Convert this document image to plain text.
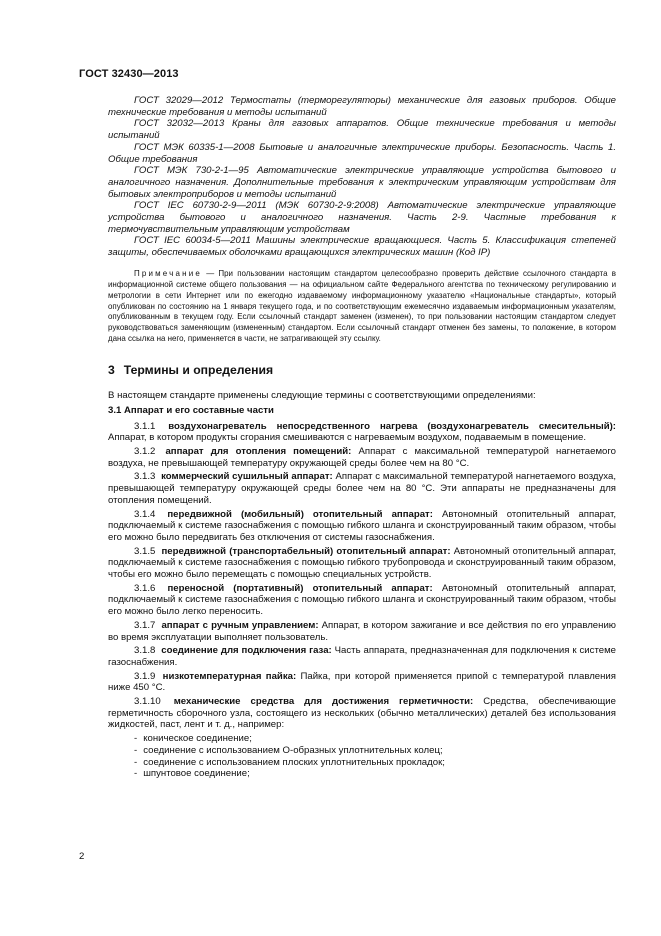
ГОСТ 32430—2013

ГОСТ 32029—2012 Термостаты (терморегуляторы) механические для газовых приборов. Общие технические требования и методы испытаний

ГОСТ 32032—2013 Краны для газовых аппаратов. Общие технические требования и методы испытаний

ГОСТ МЭК 60335-1—2008 Бытовые и аналогичные электрические приборы. Безопасность. Часть 1. Общие требования

ГОСТ МЭК 730-2-1—95 Автоматические электрические управляющие устройства бытового и аналогичного назначения. Дополнительные требования к электрическим управляющим устройствам для бытовых электроприборов и методы испытаний

ГОСТ IEC 60730-2-9—2011 (МЭК 60730-2-9:2008) Автоматические электрические управляющие устройства бытового и аналогичного назначения. Часть 2-9. Частные требования к термочувствительным управляющим устройствам

ГОСТ IEC 60034-5—2011 Машины электрические вращающиеся. Часть 5. Классификация степеней защиты, обеспечиваемых оболочками вращающихся электрических машин (Код IP)

Примечание — При пользовании настоящим стандартом целесообразно проверить действие ссылочного стандарта в информационной системе общего пользования — на официальном сайте Федерального агентства по техническому регулированию и метрологии в сети Интернет или по ежегодно издаваемому информационному указателю «Национальные стандарты», который опубликован по состоянию на 1 января текущего года, и по соответствующим ежемесячно издаваемым информационным указателям, опубликованным в текущем году. Если ссылочный стандарт заменен (изменен), то при пользовании настоящим стандартом следует руководствоваться заменяющим (измененным) стандартом. Если ссылочный стандарт отменен без замены, то положение, в котором дана ссылка на него, применяется в части, не затрагивающей эту ссылку.
3 Термины и определения

В настоящем стандарте применены следующие термины с соответствующими определениями:

3.1 Аппарат и его составные части

3.1.1 воздухонагреватель непосредственного нагрева (воздухонагреватель смесительный): Аппарат, в котором продукты сгорания смешиваются с нагреваемым воздухом, подаваемым в помещение.

3.1.2 аппарат для отопления помещений: Аппарат с максимальной температурой нагнетаемого воздуха, не превышающей температуру окружающей среды более чем на 80 °С.

3.1.3 коммерческий сушильный аппарат: Аппарат с максимальной температурой нагнетаемого воздуха, превышающей температуру окружающей среды более чем на 80 °С. Эти аппараты не предназначены для отопления помещений.

3.1.4 передвижной (мобильный) отопительный аппарат: Автономный отопительный аппарат, подключаемый к системе газоснабжения с помощью гибкого шланга и сконструированный таким образом, чтобы его можно было передвигать без отключения от системы газоснабжения.

3.1.5 передвижной (транспортабельный) отопительный аппарат: Автономный отопительный аппарат, подключаемый к системе газоснабжения с помощью гибкого трубопровода и сконструированный таким образом, чтобы его можно было перемещать с помощью специальных устройств.

3.1.6 переносной (портативный) отопительный аппарат: Автономный отопительный аппарат, подключаемый к системе газоснабжения с помощью гибкого шланга и сконструированный таким образом, чтобы его можно было легко переносить.

3.1.7 аппарат с ручным управлением: Аппарат, в котором зажигание и все действия по его управлению во время эксплуатации выполняет пользователь.

3.1.8 соединение для подключения газа: Часть аппарата, предназначенная для подключения к системе газоснабжения.

3.1.9 низкотемпературная пайка: Пайка, при которой применяется припой с температурой плавления ниже 450 °С.

3.1.10 механические средства для достижения герметичности: Средства, обеспечивающие герметичность сборочного узла, состоящего из нескольких (обычно металлических) деталей без использования жидкостей, паст, лент и т. д., например:

- коническое соединение;
- соединение с использованием О-образных уплотнительных колец;
- соединение с использованием плоских уплотнительных прокладок;
- шпунтовое соединение;
2
